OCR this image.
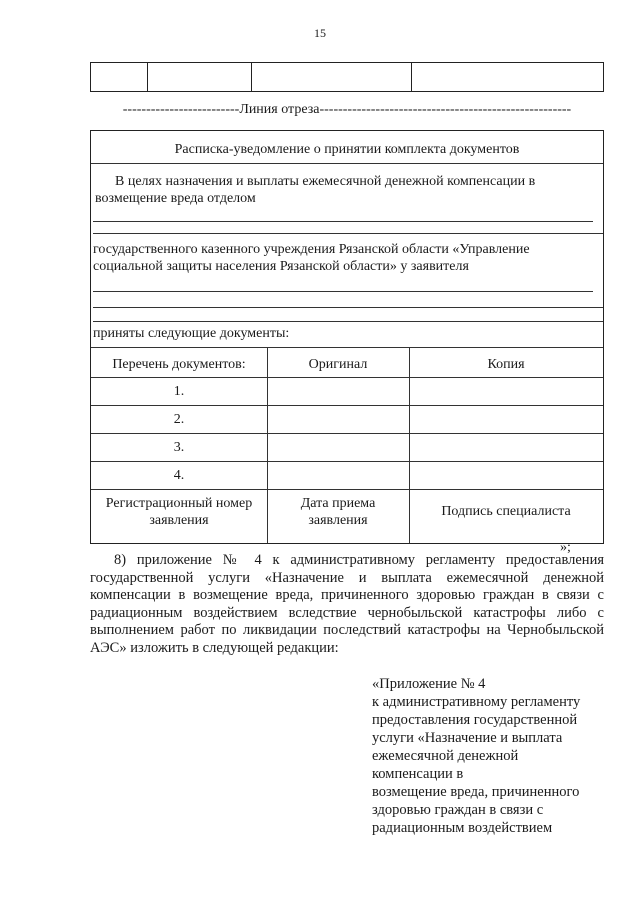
15
-------------------------Линия отреза------------------------------------------------------
Расписка-уведомление о принятии комплекта документов
В целях назначения и выплаты ежемесячной денежной компенсации в
возмещение вреда отделом
государственного казенного учреждения Рязанской области «Управление
социальной защиты населения Рязанской области» у заявителя
приняты следующие документы:
Перечень документов:	Оригинал	Копия
1.
2.
3.
4.
Регистрационный номер заявления
Дата приема заявления
Подпись специалиста
»;
8) приложение № 4 к административному регламенту предоставления государственной услуги «Назначение и выплата ежемесячной денежной компенсации в возмещение вреда, причиненного здоровью граждан в связи с радиационным воздействием вследствие чернобыльской катастрофы либо с выполнением работ по ликвидации последствий катастрофы на Чернобыльской АЭС» изложить в следующей редакции:
«Приложение № 4
к административному регламенту
предоставления государственной
услуги «Назначение и выплата
ежемесячной денежной
компенсации в
возмещение вреда, причиненного
здоровью граждан в связи с
радиационным воздействием
